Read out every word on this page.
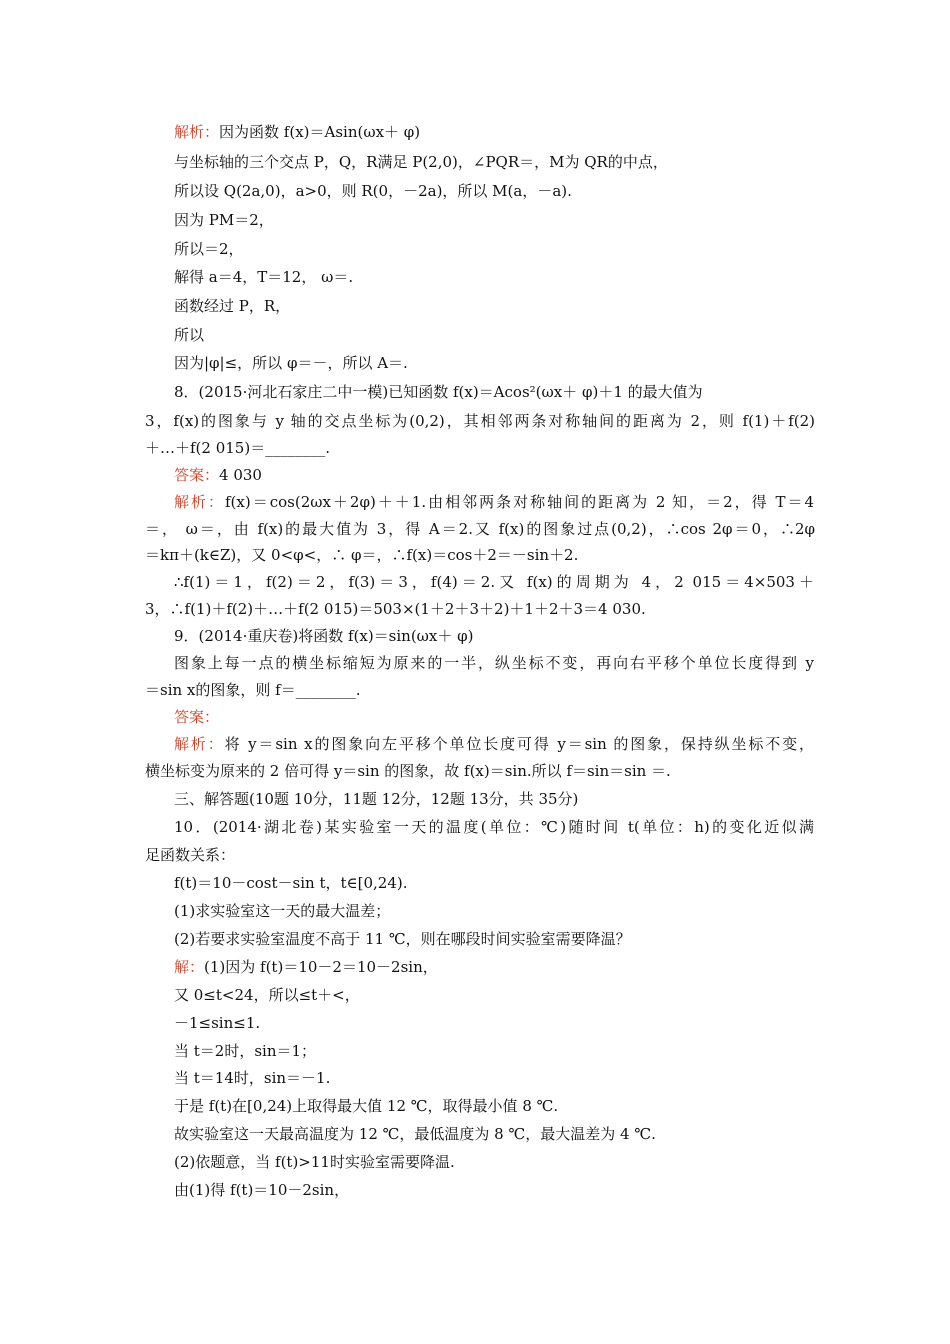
解析：因为函数 f(x)＝Asin(ωx＋ φ)
与坐标轴的三个交点 P，Q，R满足 P(2,0)，∠PQR＝，M为 QR的中点，
所以设 Q(2a,0)，a>0，则 R(0，－2a)，所以 M(a，－a).
因为 PM＝2，
所以＝2，
解得 a＝4，T＝12， ω＝.
函数经过 P，R，
所以
因为|φ|≤，所以 φ＝－，所以 A＝.
8．(2015·河北石家庄二中一模)已知函数 f(x)＝Acos²(ωx＋ φ)＋1 的最大值为
3，f(x)的图象与 y 轴的交点坐标为(0,2)，其相邻两条对称轴间的距离为 2，则 f(1)＋f(2)
＋…＋f(2 015)＝________.
答案：4 030
解析：f(x)＝cos(2ωx＋2φ)＋＋1.由相邻两条对称轴间的距离为 2 知，＝2，得 T＝4
＝， ω＝，由 f(x)的最大值为 3，得 A＝2.又 f(x)的图象过点(0,2)，∴cos 2φ＝0，∴2φ
＝kπ＋(k∈Z)，又 0<φ<，∴ φ＝，∴f(x)＝cos＋2＝－sin＋2.
∴f(1)＝1，f(2)＝2，f(3)＝3，f(4)＝2.又 f(x)的周期为 4，2 015＝4×503＋
3，∴f(1)＋f(2)＋…＋f(2 015)＝503×(1＋2＋3＋2)＋1＋2＋3＝4 030.
9．(2014·重庆卷)将函数 f(x)＝sin(ωx＋ φ)
图象上每一点的横坐标缩短为原来的一半，纵坐标不变，再向右平移个单位长度得到 y
＝sin x的图象，则 f＝________.
答案：
解析：将 y＝sin x的图象向左平移个单位长度可得 y＝sin 的图象，保持纵坐标不变，
横坐标变为原来的 2 倍可得 y＝sin 的图象，故 f(x)＝sin.所以 f＝sin＝sin ＝.
三、解答题(10题 10分，11题 12分，12题 13分，共 35分)
10．(2014·湖北卷)某实验室一天的温度(单位：℃)随时间 t(单位：h)的变化近似满
足函数关系：
f(t)＝10－cost－sin t，t∈[0,24).
(1)求实验室这一天的最大温差；
(2)若要求实验室温度不高于 11 ℃，则在哪段时间实验室需要降温？
解：(1)因为 f(t)＝10－2＝10－2sin，
又 0≤t<24，所以≤t＋<，
－1≤sin≤1.
当 t＝2时，sin＝1；
当 t＝14时，sin＝－1.
于是 f(t)在[0,24)上取得最大值 12 ℃，取得最小值 8 ℃.
故实验室这一天最高温度为 12 ℃，最低温度为 8 ℃，最大温差为 4 ℃.
(2)依题意，当 f(t)>11时实验室需要降温.
由(1)得 f(t)＝10－2sin，
